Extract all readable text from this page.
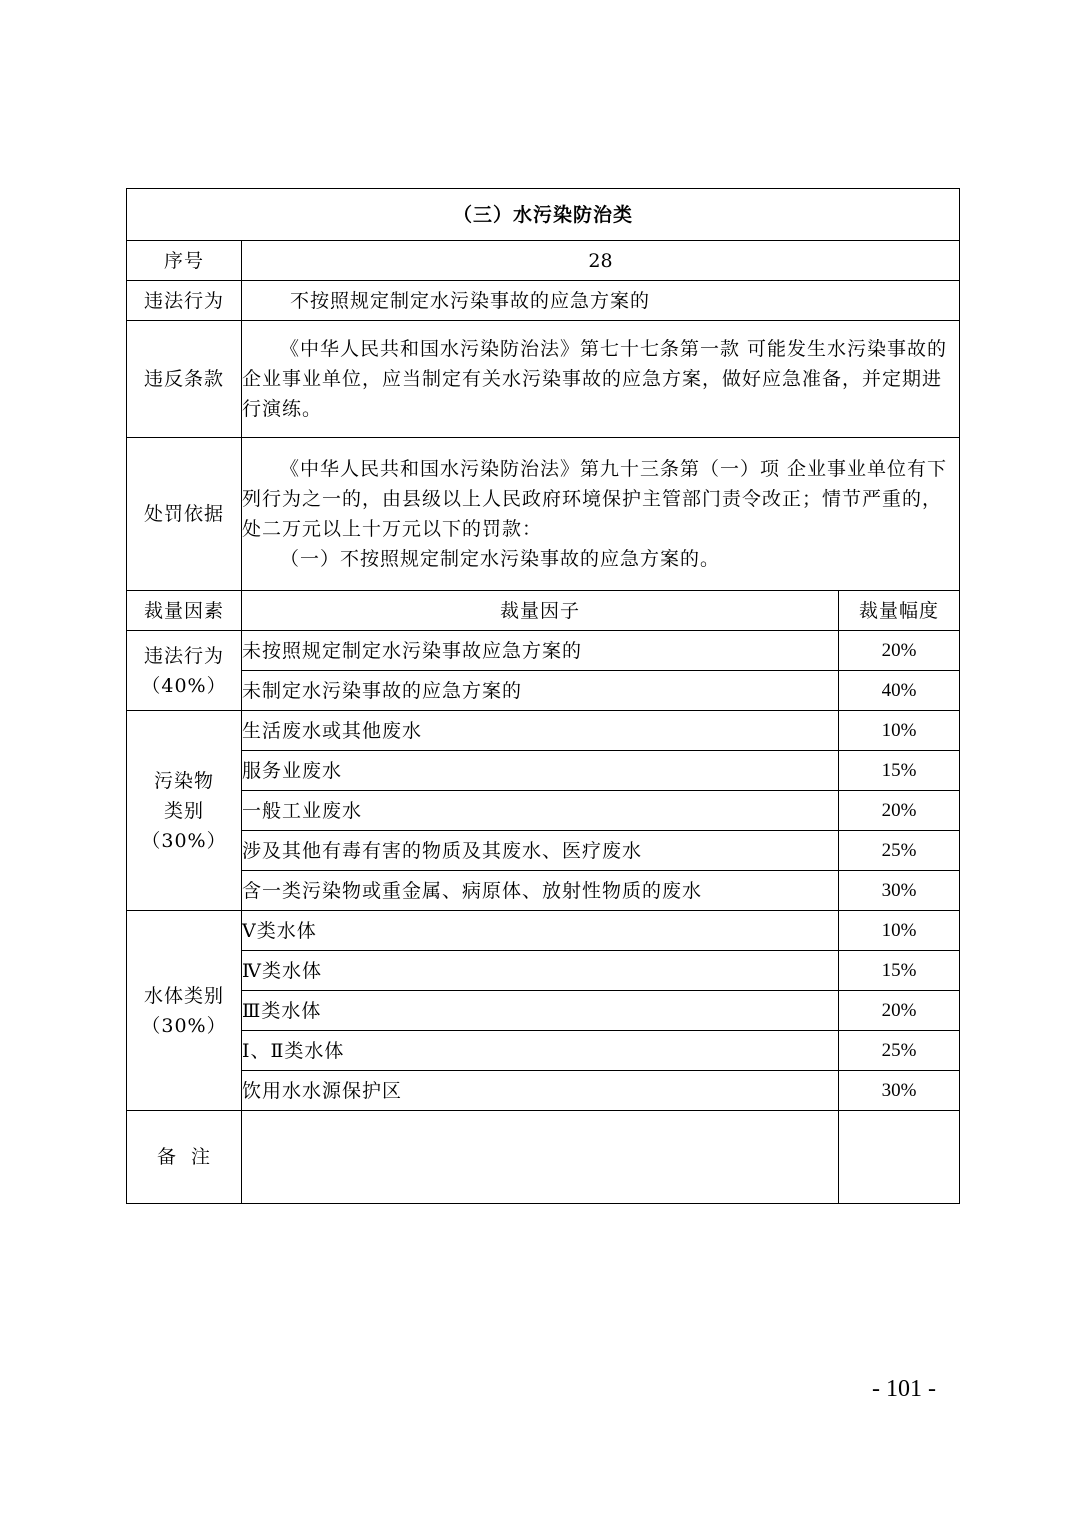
（三）水污染防治类		
序号	28	
违法行为	不按照规定制定水污染事故的应急方案的	
违反条款	《中华人民共和国水污染防治法》第七十七条第一款 可能发生水污染事故的企业事业单位，应当制定有关水污染事故的应急方案，做好应急准备，并定期进行演练。	

处罚依据	《中华人民共和国水污染防治法》第九十三条第（一）项 企业事业单位有下列行为之一的，由县级以上人民政府环境保护主管部门责令改正；情节严重的，处二万元以上十万元以下的罚款：
（一）不按照规定制定水污染事故的应急方案的。	

裁量因素	裁量因子	裁量幅度

违法行为
（40%）	未按照规定制定水污染事故应急方案的	20%
	未制定水污染事故的应急方案的	40%

污染物
类别
（30%）	生活废水或其他废水	10%
	服务业废水	15%
	一般工业废水	20%
	涉及其他有毒有害的物质及其废水、医疗废水	25%
	含一类污染物或重金属、病原体、放射性物质的废水	30%

水体类别
（30%）	Ⅴ类水体	10%
	Ⅳ类水体	15%
	Ⅲ类水体	20%
	Ⅰ、Ⅱ类水体	25%
	饮用水水源保护区	30%
备  注		
- 101 -
